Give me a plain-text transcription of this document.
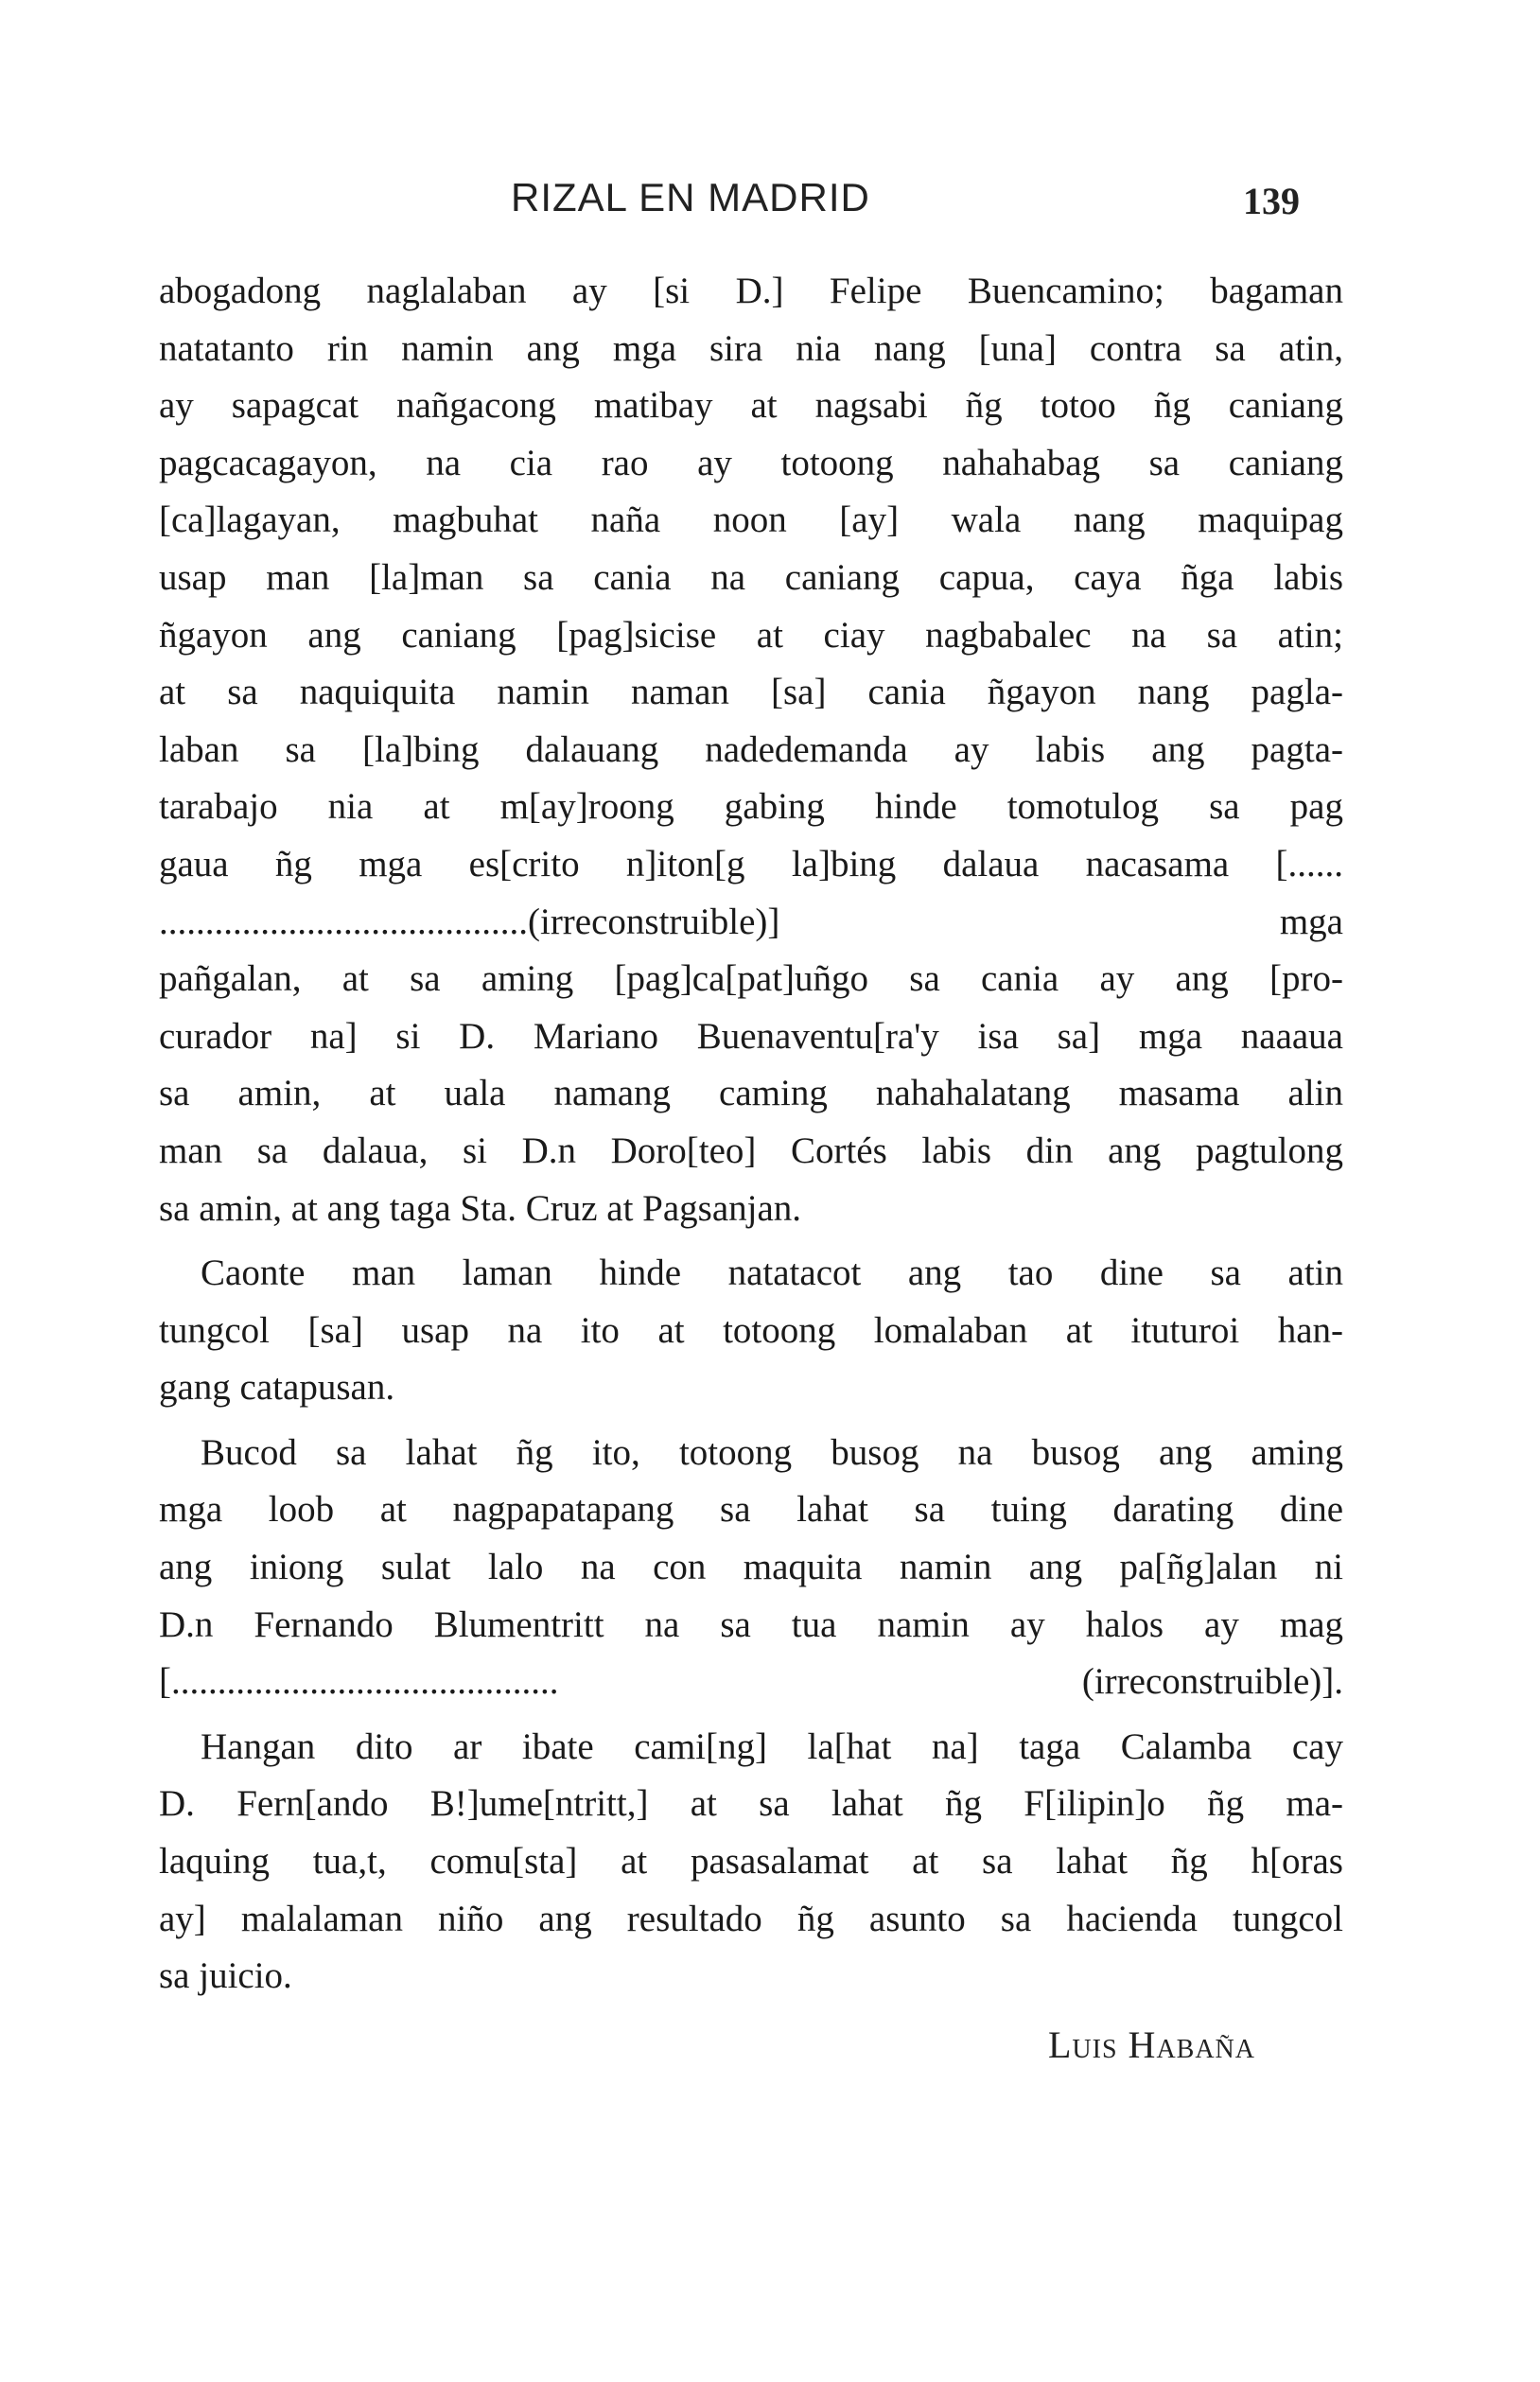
RIZAL EN MADRID	139
abogadong naglalaban ay [si D.] Felipe Buencamino; bagaman
natatanto rin namin ang mga sira nia nang [una] contra sa atin,
ay sapagcat nañgacong matibay at nagsabi ñg totoo ñg caniang
pagcacagayon, na cia rao ay totoong nahahabag sa caniang
[ca]lagayan, magbuhat naña noon [ay] wala nang maquipag
usap man [la]man sa cania na caniang capua, caya ñga labis
ñgayon ang caniang [pag]sicise at ciay nagbabalec na sa atin;
at sa naquiquita namin naman [sa] cania ñgayon nang pagla-
laban sa [la]bing dalauang nadedemanda ay labis ang pagta-
tarabajo nia at m[ay]roong gabing hinde tomotulog sa pag
gaua ñg mga es[crito n]iton[g la]bing dalaua nacasama [......
........................................(irreconstruible)] mga
pañgalan, at sa aming [pag]ca[pat]uñgo sa cania ay ang [pro-
curador na] si D. Mariano Buenaventu[ra'y isa sa] mga naaaua
sa amin, at uala namang caming nahahalatang masama alin
man sa dalaua, si D.n Doro[teo] Cortés labis din ang pagtulong
sa amin, at ang taga Sta. Cruz at Pagsanjan.
Caonte man laman hinde natatacot ang tao dine sa atin
tungcol [sa] usap na ito at totoong lomalaban at ituturoi han-
gang catapusan.
Bucod sa lahat ñg ito, totoong busog na busog ang aming
mga loob at nagpapatapang sa lahat sa tuing darating dine
ang iniong sulat lalo na con maquita namin ang pa[ñg]alan ni
D.n Fernando Blumentritt na sa tua namin ay halos ay mag
[.......................................... (irreconstruible)].
Hangan dito ar ibate cami[ng] la[hat na] taga Calamba cay
D. Fern[ando B!]ume[ntritt,] at sa lahat ñg F[ilipin]o ñg ma-
laquing tua,t, comu[sta] at pasasalamat at sa lahat ñg h[oras
ay] malalaman niño ang resultado ñg asunto sa hacienda tungcol
sa juicio.
Luis Habaña
